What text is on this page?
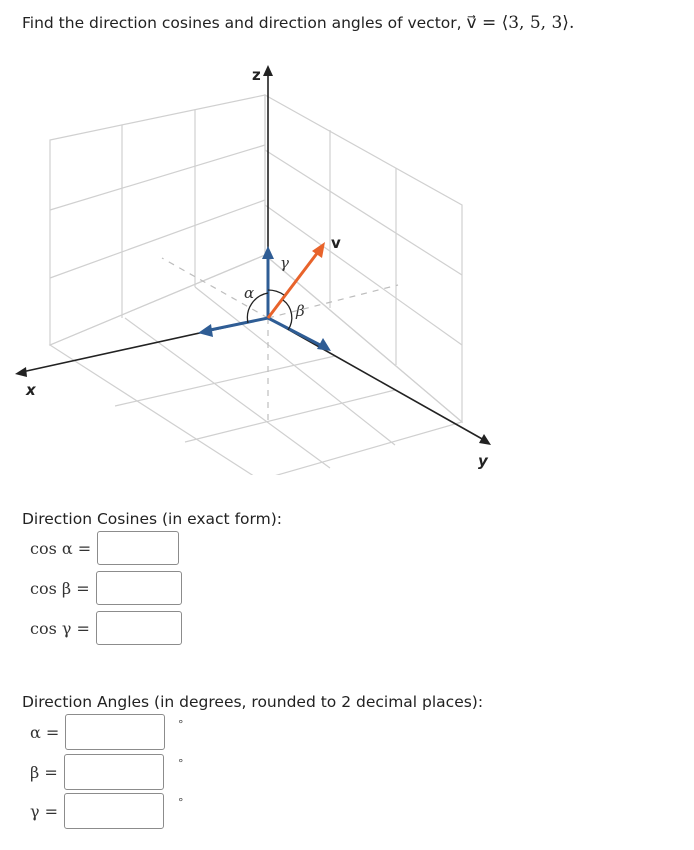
Find the direction cosines and direction angles of vector, v⃗ = ⟨3, 5, 3⟩.
z
x
y
v
α
γ
β
Direction Cosines (in exact form):
cos α =
cos β =
cos γ =
Direction Angles (in degrees, rounded to 2 decimal places):
α =	°
β =	°
γ =	°
